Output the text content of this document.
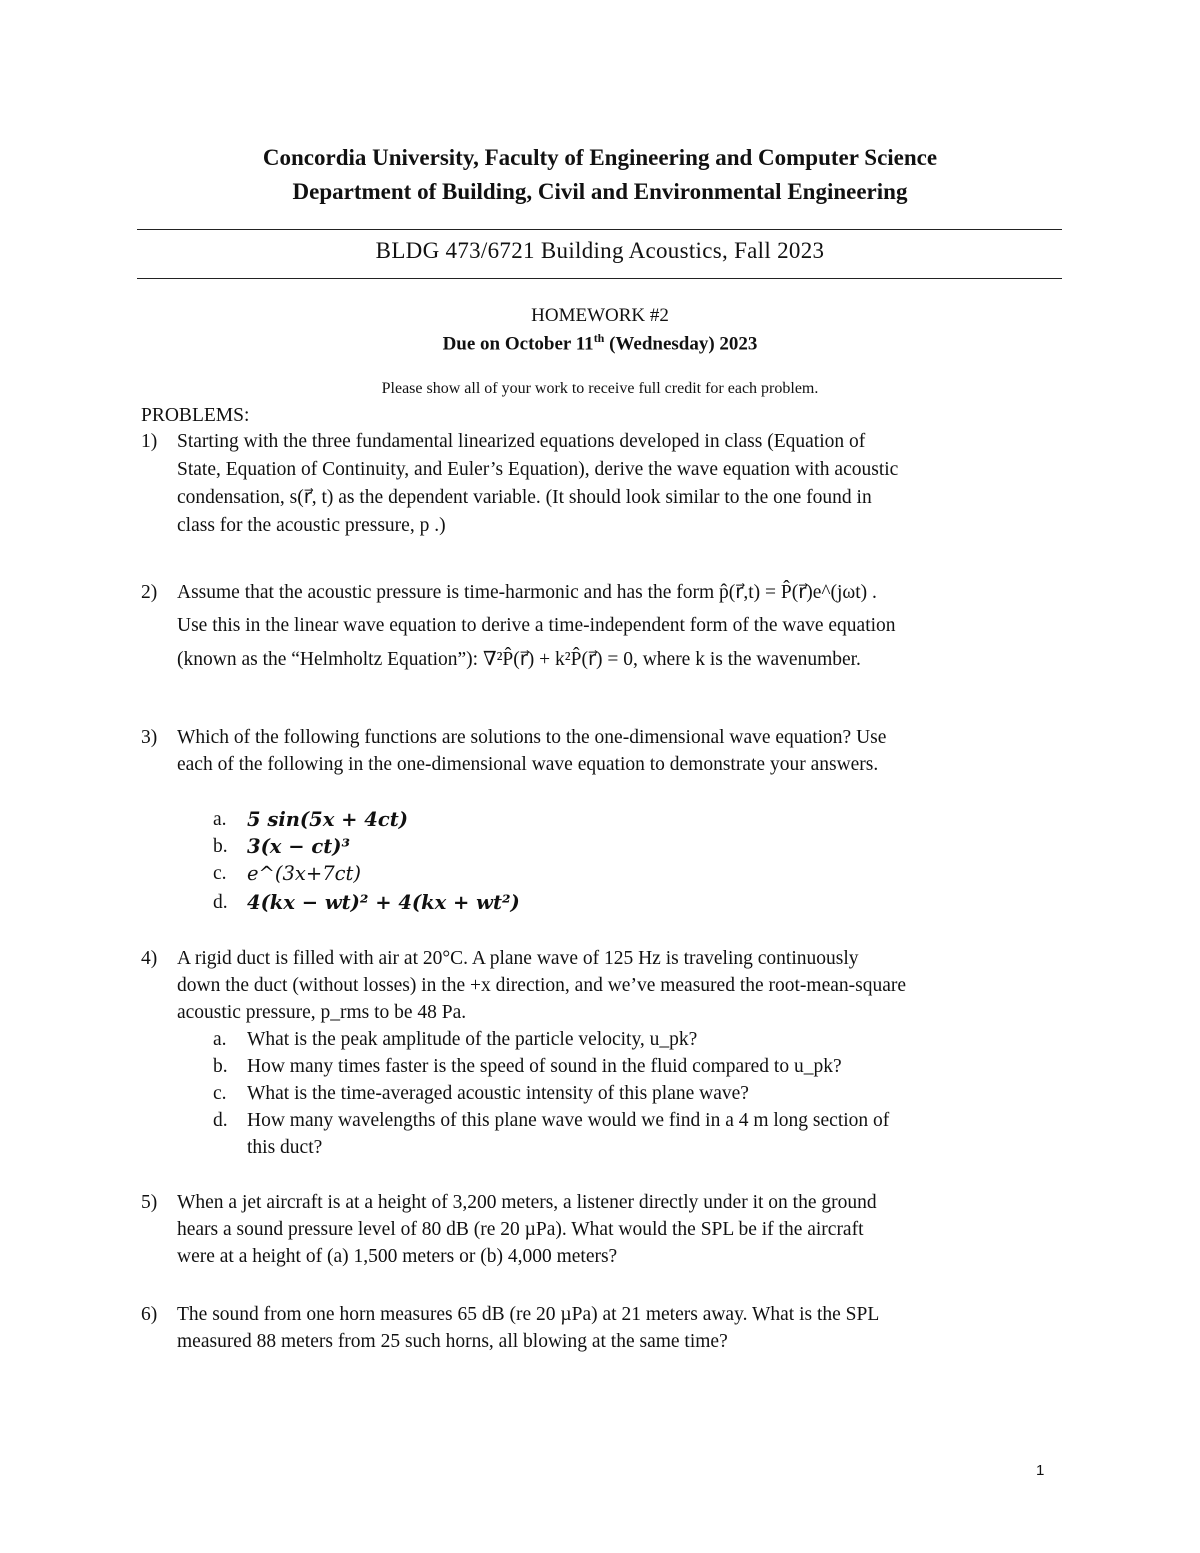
Concordia University, Faculty of Engineering and Computer Science
Department of Building, Civil and Environmental Engineering
BLDG 473/6721 Building Acoustics, Fall 2023
HOMEWORK #2
Due on October 11th (Wednesday) 2023
Please show all of your work to receive full credit for each problem.
PROBLEMS:
1) Starting with the three fundamental linearized equations developed in class (Equation of
State, Equation of Continuity, and Euler’s Equation), derive the wave equation with acoustic
condensation, s(r⃗, t) as the dependent variable. (It should look similar to the one found in
class for the acoustic pressure, p .)
2) Assume that the acoustic pressure is time-harmonic and has the form p̂(r⃗,t) = P̂(r⃗)e^(jωt) .
Use this in the linear wave equation to derive a time-independent form of the wave equation
(known as the “Helmholtz Equation”): ∇²P̂(r⃗) + k²P̂(r⃗) = 0, where k is the wavenumber.
3) Which of the following functions are solutions to the one-dimensional wave equation? Use
each of the following in the one-dimensional wave equation to demonstrate your answers.
a. 5 sin(5x + 4ct)
b. 3(x − ct)³
c. e^(3x+7ct)
d. 4(kx − wt)² + 4(kx + wt²)
4) A rigid duct is filled with air at 20°C. A plane wave of 125 Hz is traveling continuously
down the duct (without losses) in the +x direction, and we’ve measured the root-mean-square
acoustic pressure, p_rms to be 48 Pa.
a. What is the peak amplitude of the particle velocity, u_pk?
b. How many times faster is the speed of sound in the fluid compared to u_pk?
c. What is the time-averaged acoustic intensity of this plane wave?
d. How many wavelengths of this plane wave would we find in a 4 m long section of
this duct?
5) When a jet aircraft is at a height of 3,200 meters, a listener directly under it on the ground
hears a sound pressure level of 80 dB (re 20 µPa). What would the SPL be if the aircraft
were at a height of (a) 1,500 meters or (b) 4,000 meters?
6) The sound from one horn measures 65 dB (re 20 µPa) at 21 meters away. What is the SPL
measured 88 meters from 25 such horns, all blowing at the same time?
1
